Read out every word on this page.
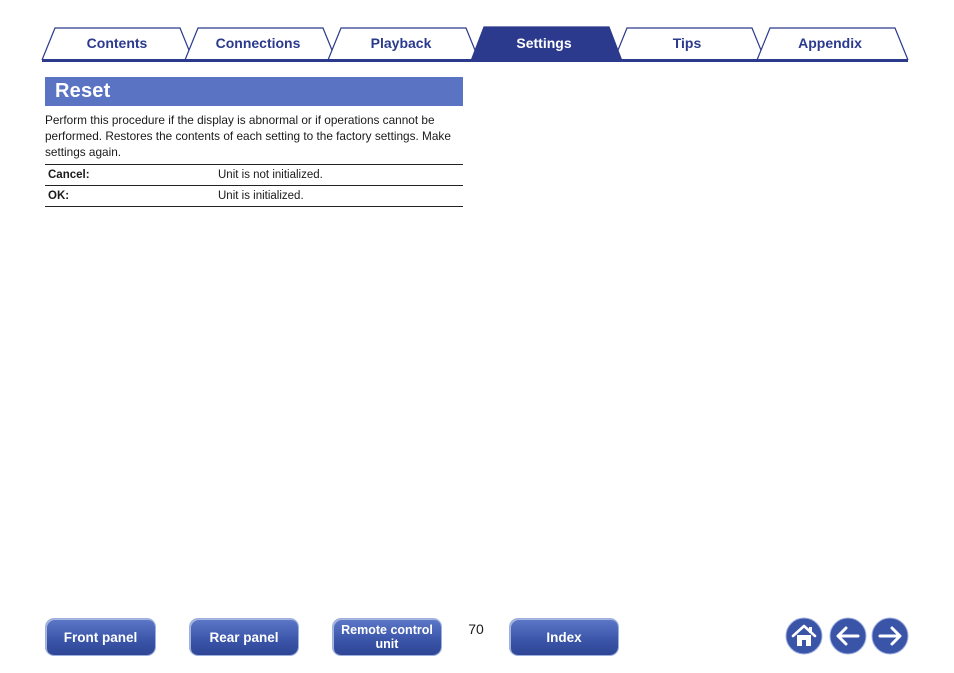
Contents	Connections	Playback	Settings	Tips	Appendix
Reset

Perform this procedure if the display is abnormal or if operations cannot be performed. Restores the contents of each setting to the factory settings. Make settings again.

Cancel:	Unit is not initialized.
OK:	Unit is initialized.
Front panel	Rear panel	Remote control
unit
70	Index
